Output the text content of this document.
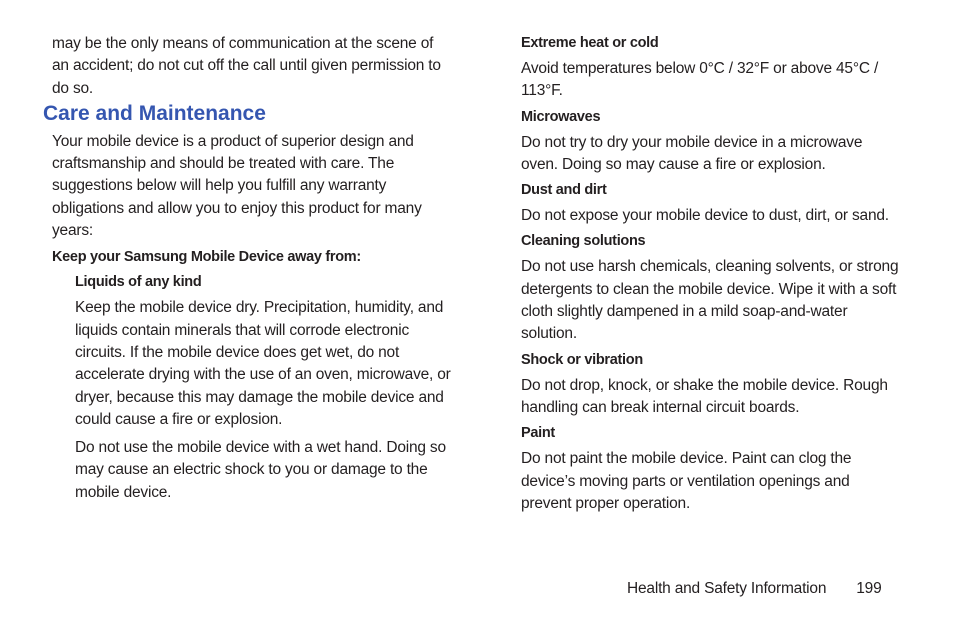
may be the only means of communication at the scene of an accident; do not cut off the call until given permission to do so.

Care and Maintenance

Your mobile device is a product of superior design and craftsmanship and should be treated with care. The suggestions below will help you fulfill any warranty obligations and allow you to enjoy this product for many years:

Keep your Samsung Mobile Device away from:

Liquids of any kind

Keep the mobile device dry. Precipitation, humidity, and liquids contain minerals that will corrode electronic circuits. If the mobile device does get wet, do not accelerate drying with the use of an oven, microwave, or dryer, because this may damage the mobile device and could cause a fire or explosion.

Do not use the mobile device with a wet hand. Doing so may cause an electric shock to you or damage to the mobile device.

Extreme heat or cold

Avoid temperatures below 0°C / 32°F or above 45°C / 113°F.

Microwaves

Do not try to dry your mobile device in a microwave oven. Doing so may cause a fire or explosion.

Dust and dirt

Do not expose your mobile device to dust, dirt, or sand.

Cleaning solutions

Do not use harsh chemicals, cleaning solvents, or strong detergents to clean the mobile device. Wipe it with a soft cloth slightly dampened in a mild soap-and-water solution.

Shock or vibration

Do not drop, knock, or shake the mobile device. Rough handling can break internal circuit boards.

Paint

Do not paint the mobile device. Paint can clog the device’s moving parts or ventilation openings and prevent proper operation.

Health and Safety Information 199
